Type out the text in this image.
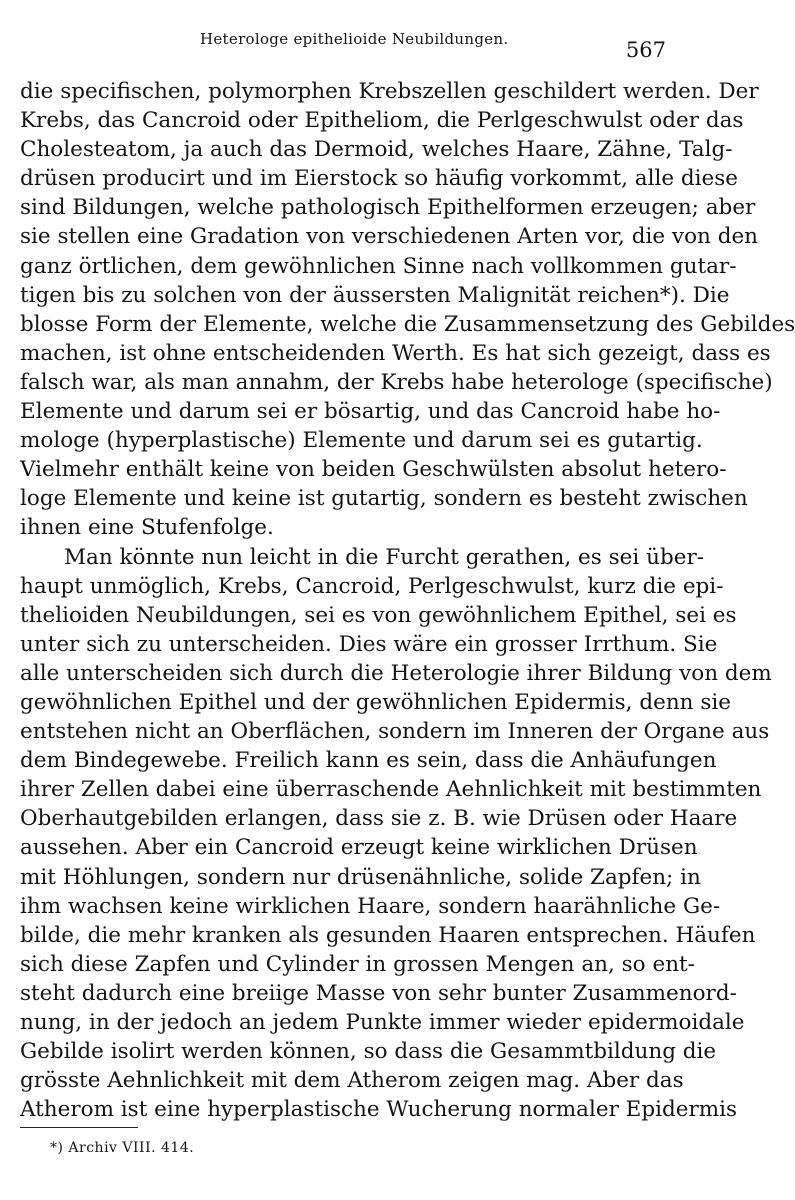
Heterologe epithelioide Neubildungen.	567
die specifischen, polymorphen Krebszellen geschildert werden. Der
Krebs, das Cancroid oder Epitheliom, die Perlgeschwulst oder das
Cholesteatom, ja auch das Dermoid, welches Haare, Zähne, Talg-
drüsen producirt und im Eierstock so häufig vorkommt, alle diese
sind Bildungen, welche pathologisch Epithelformen erzeugen; aber
sie stellen eine Gradation von verschiedenen Arten vor, die von den
ganz örtlichen, dem gewöhnlichen Sinne nach vollkommen gutar-
tigen bis zu solchen von der äussersten Malignität reichen*). Die
blosse Form der Elemente, welche die Zusammensetzung des Gebildes
machen, ist ohne entscheidenden Werth. Es hat sich gezeigt, dass es
falsch war, als man annahm, der Krebs habe heterologe (specifische)
Elemente und darum sei er bösartig, und das Cancroid habe ho-
mologe (hyperplastische) Elemente und darum sei es gutartig.
Vielmehr enthält keine von beiden Geschwülsten absolut hetero-
loge Elemente und keine ist gutartig, sondern es besteht zwischen
ihnen eine Stufenfolge.
Man könnte nun leicht in die Furcht gerathen, es sei über-
haupt unmöglich, Krebs, Cancroid, Perlgeschwulst, kurz die epi-
thelioiden Neubildungen, sei es von gewöhnlichem Epithel, sei es
unter sich zu unterscheiden. Dies wäre ein grosser Irrthum. Sie
alle unterscheiden sich durch die Heterologie ihrer Bildung von dem
gewöhnlichen Epithel und der gewöhnlichen Epidermis, denn sie
entstehen nicht an Oberflächen, sondern im Inneren der Organe aus
dem Bindegewebe. Freilich kann es sein, dass die Anhäufungen
ihrer Zellen dabei eine überraschende Aehnlichkeit mit bestimmten
Oberhautgebilden erlangen, dass sie z. B. wie Drüsen oder Haare
aussehen. Aber ein Cancroid erzeugt keine wirklichen Drüsen
mit Höhlungen, sondern nur drüsenähnliche, solide Zapfen; in
ihm wachsen keine wirklichen Haare, sondern haarähnliche Ge-
bilde, die mehr kranken als gesunden Haaren entsprechen. Häufen
sich diese Zapfen und Cylinder in grossen Mengen an, so ent-
steht dadurch eine breiige Masse von sehr bunter Zusammenord-
nung, in der jedoch an jedem Punkte immer wieder epidermoidale
Gebilde isolirt werden können, so dass die Gesammtbildung die
grösste Aehnlichkeit mit dem Atherom zeigen mag. Aber das
Atherom ist eine hyperplastische Wucherung normaler Epidermis
*) Archiv VIII. 414.
